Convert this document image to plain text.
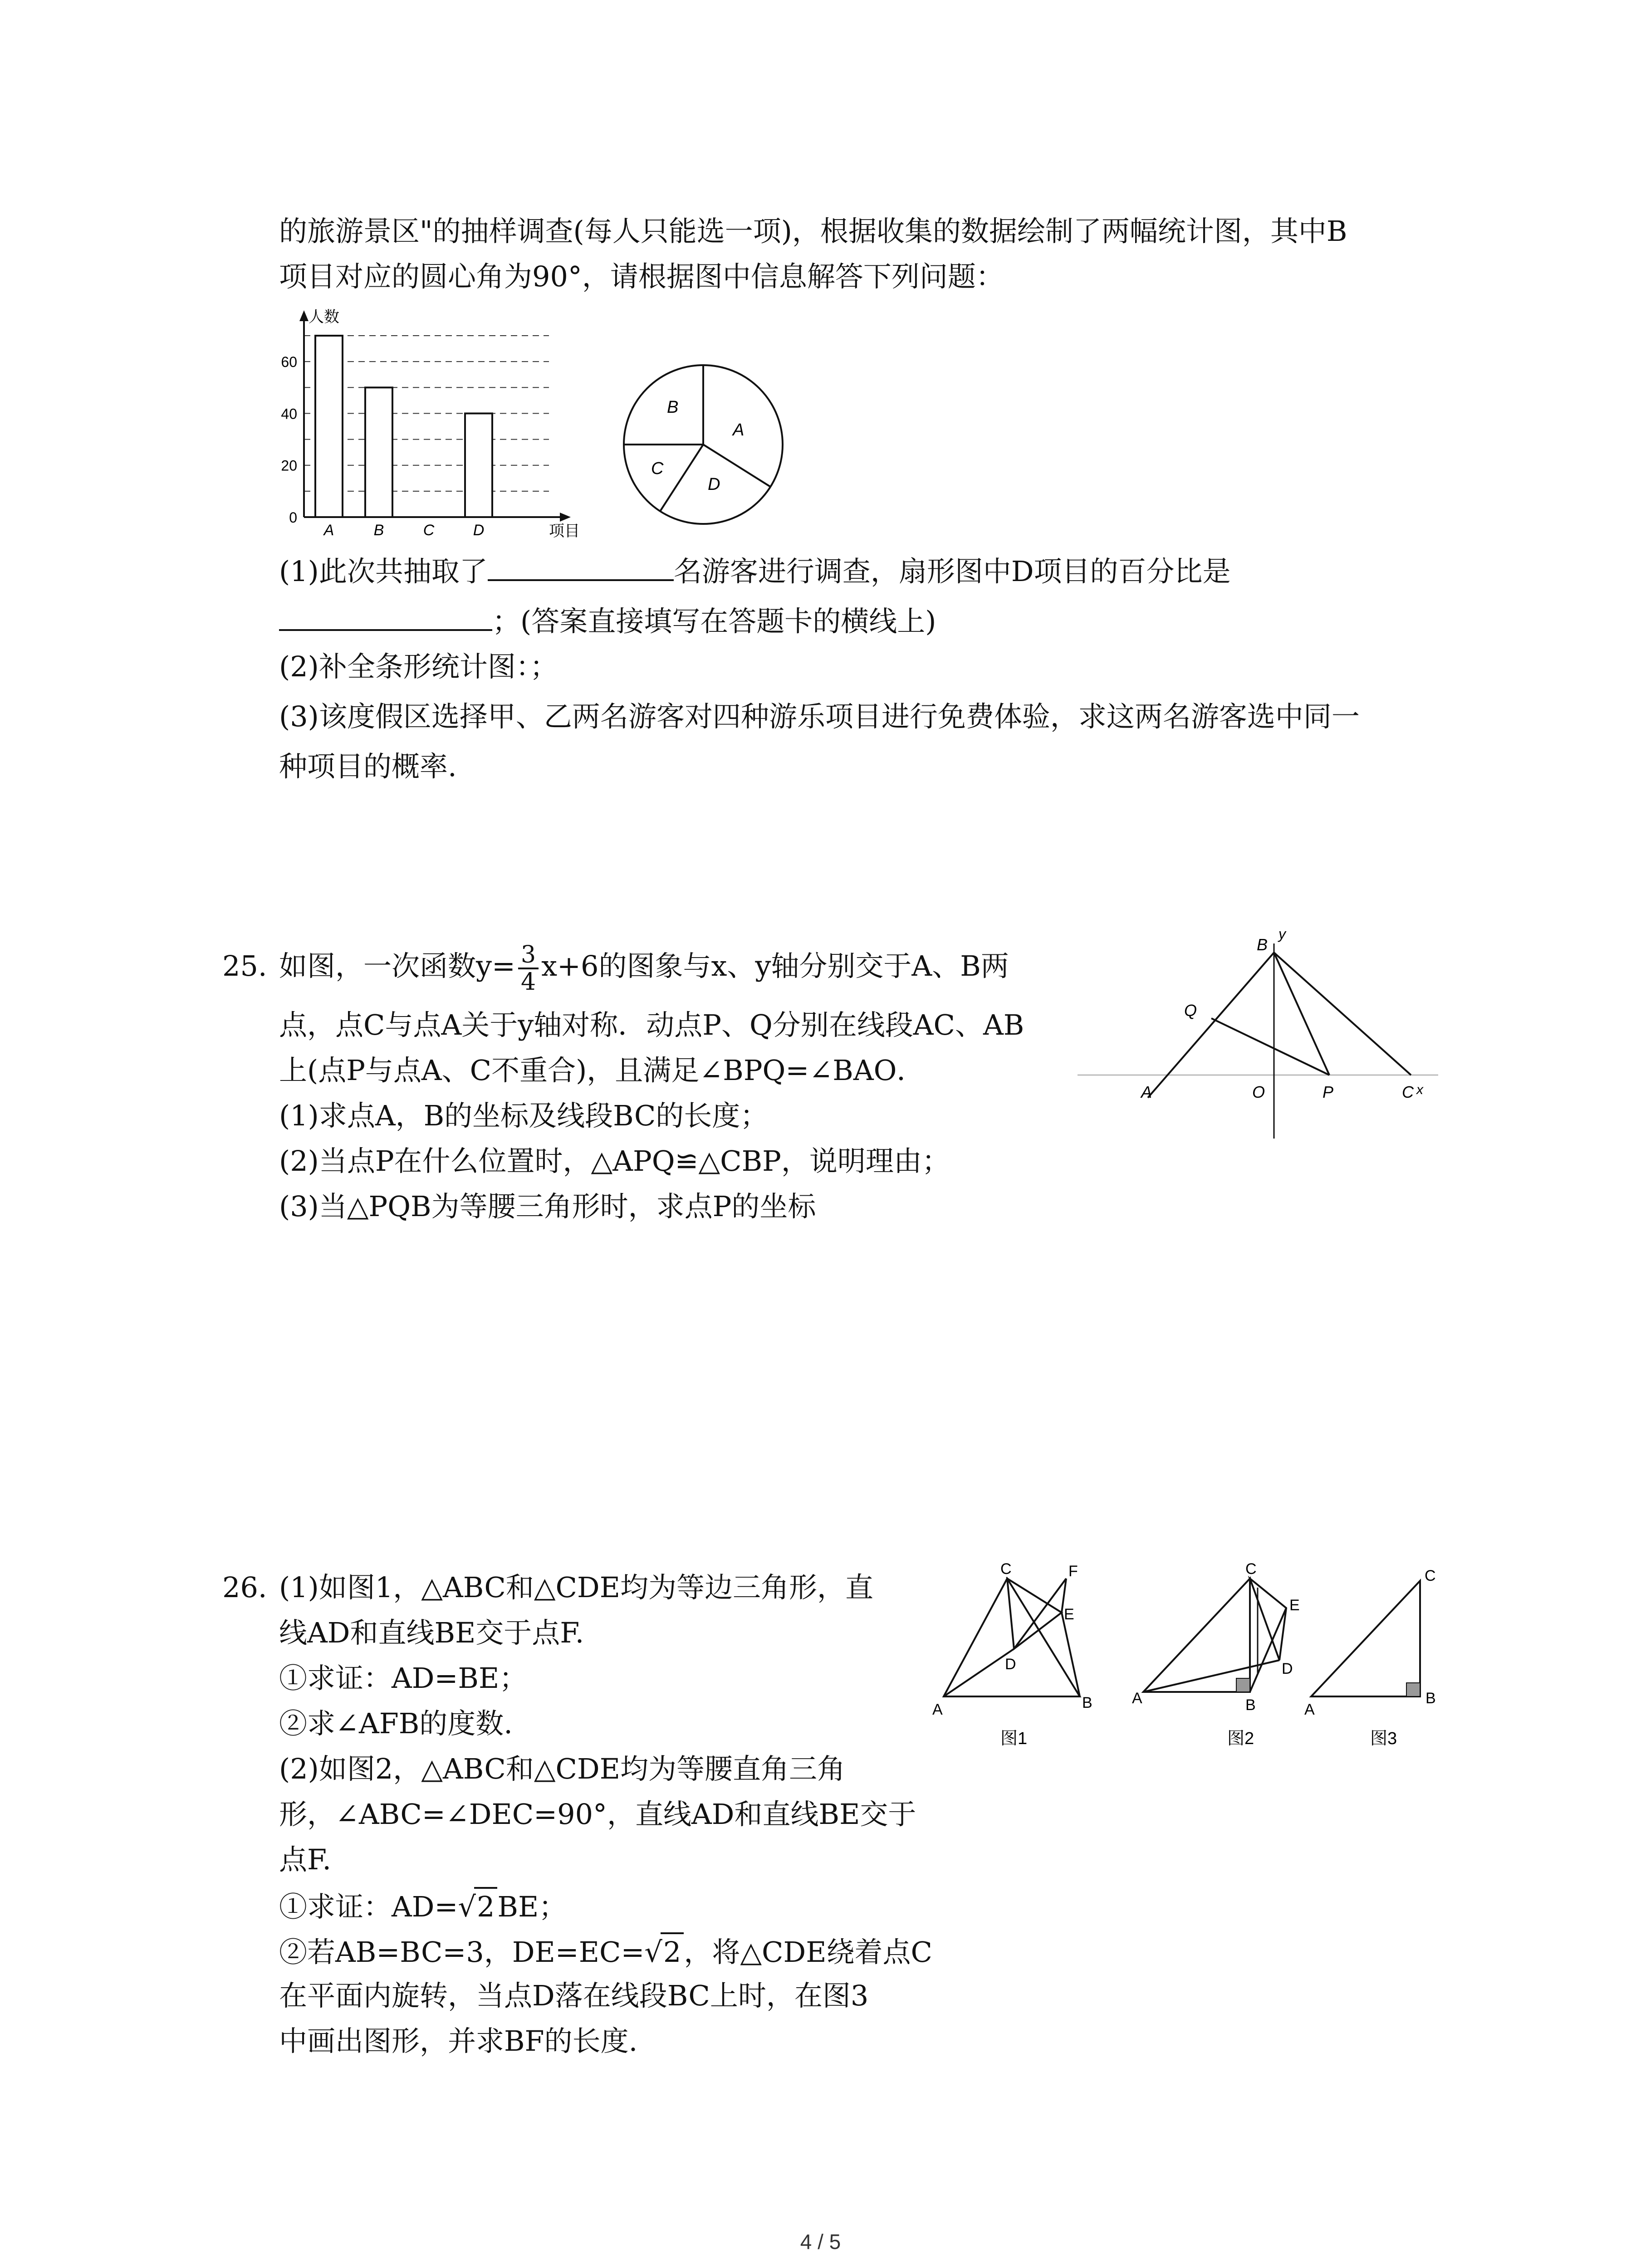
的旅游景区"的抽样调查(每人只能选一项)，根据收集的数据绘制了两幅统计图，其中B
项目对应的圆心角为90°，请根据图中信息解答下列问题：
人数
项目
0
20
40
60
A	B	C	D
B
A
C
D
(1)此次共抽取了	名游客进行调查，扇形图中D项目的百分比是
；(答案直接填写在答题卡的横线上)
(2)补全条形统计图：；
(3)该度假区选择甲、乙两名游客对四种游乐项目进行免费体验，求这两名游客选中同一
种项目的概率.
25. 如图，一次函数$y= \frac{3}{4} x+6$的图象与x、y轴分别交于A、B两
点，点C与点A关于y轴对称．动点P、Q分别在线段AC、AB
上(点P与点A、C不重合)，且满足∠BPQ=∠BAO．
(1)求点A，B的坐标及线段BC的长度；
(2)当点P在什么位置时，△APQ≌△CBP，说明理由；
(3)当△PQB为等腰三角形时，求点P的坐标
B
y
Q
A	O	P	C x
26. (1)如图1，△ABC和△CDE均为等边三角形，直
线AD和直线BE交于点F.
①求证：AD=BE；
②求∠AFB的度数.
(2)如图2，△ABC和△CDE均为等腰直角三角
形，∠ABC=∠DEC=90°，直线AD和直线BE交于
点F.
①求证：AD=√2BE；
②若AB=BC=3，DE=EC=√2，将△CDE绕着点C
在平面内旋转，当点D落在线段BC上时，在图3
中画出图形，并求BF的长度.
C	F
E
D
A	B
图1
C
E
D
A	B
图2
C
A
B
图3
4 / 5
